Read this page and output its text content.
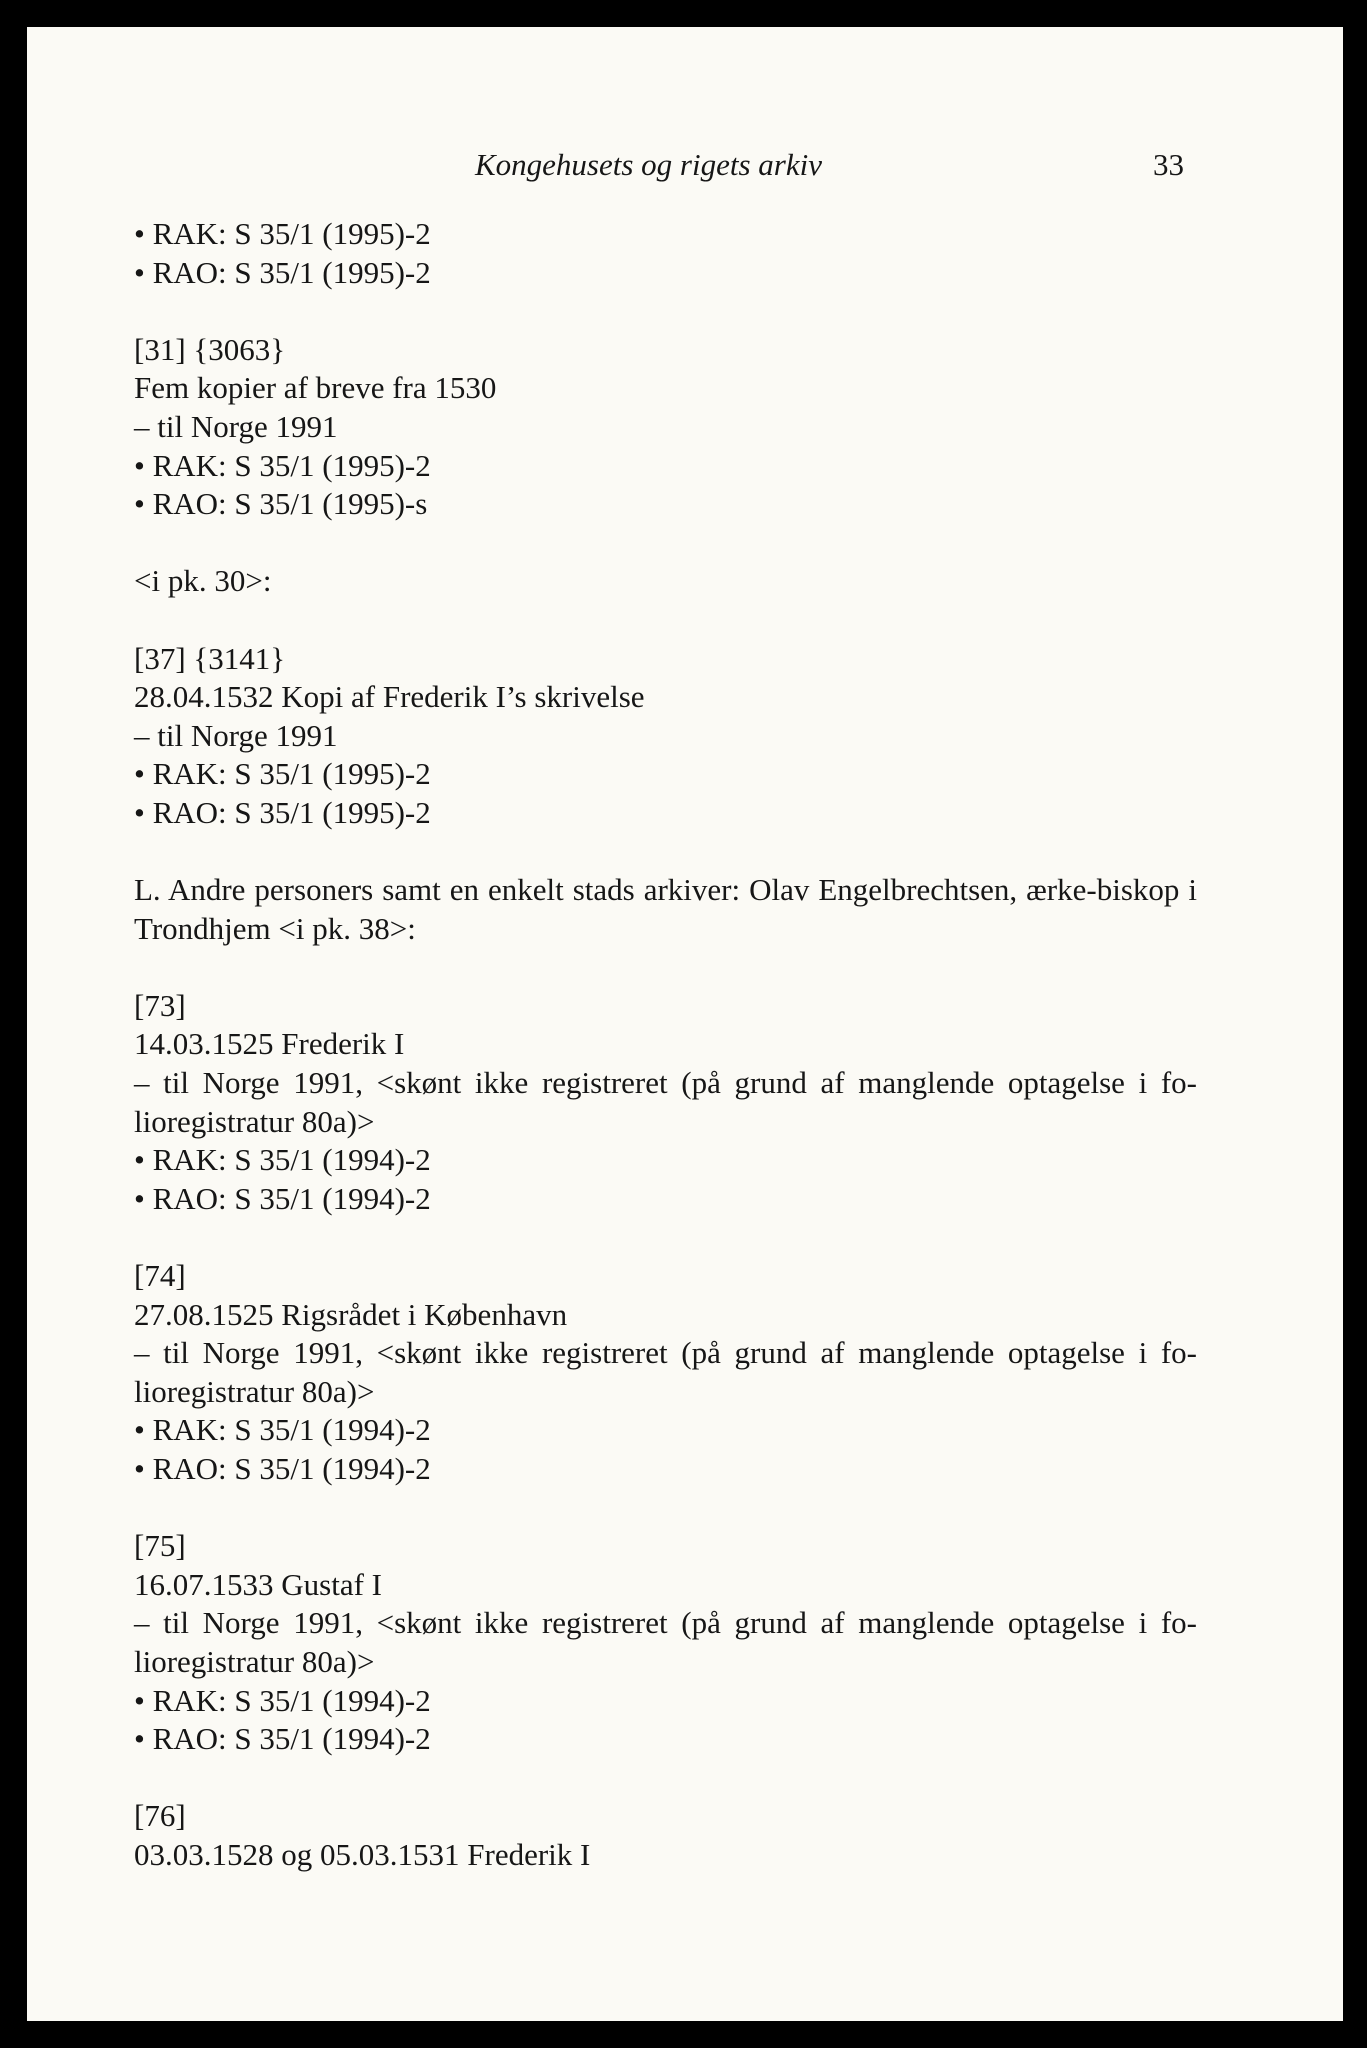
Kongehusets og rigets arkiv	33
• RAK: S 35/1 (1995)-2
• RAO: S 35/1 (1995)-2
[31] {3063}
Fem kopier af breve fra 1530
– til Norge 1991
• RAK: S 35/1 (1995)-2
• RAO: S 35/1 (1995)-s
<i pk. 30>:
[37] {3141}
28.04.1532 Kopi af Frederik I’s skrivelse
– til Norge 1991
• RAK: S 35/1 (1995)-2
• RAO: S 35/1 (1995)-2
L. Andre personers samt en enkelt stads arkiver: Olav Engelbrechtsen, ærke-biskop i Trondhjem <i pk. 38>:
[73]
14.03.1525 Frederik I
– til Norge 1991, <skønt ikke registreret (på grund af manglende optagelse i fo-lioregistratur 80a)>
• RAK: S 35/1 (1994)-2
• RAO: S 35/1 (1994)-2
[74]
27.08.1525 Rigsrådet i København
– til Norge 1991, <skønt ikke registreret (på grund af manglende optagelse i fo-lioregistratur 80a)>
• RAK: S 35/1 (1994)-2
• RAO: S 35/1 (1994)-2
[75]
16.07.1533 Gustaf I
– til Norge 1991, <skønt ikke registreret (på grund af manglende optagelse i fo-lioregistratur 80a)>
• RAK: S 35/1 (1994)-2
• RAO: S 35/1 (1994)-2
[76]
03.03.1528 og 05.03.1531 Frederik I
